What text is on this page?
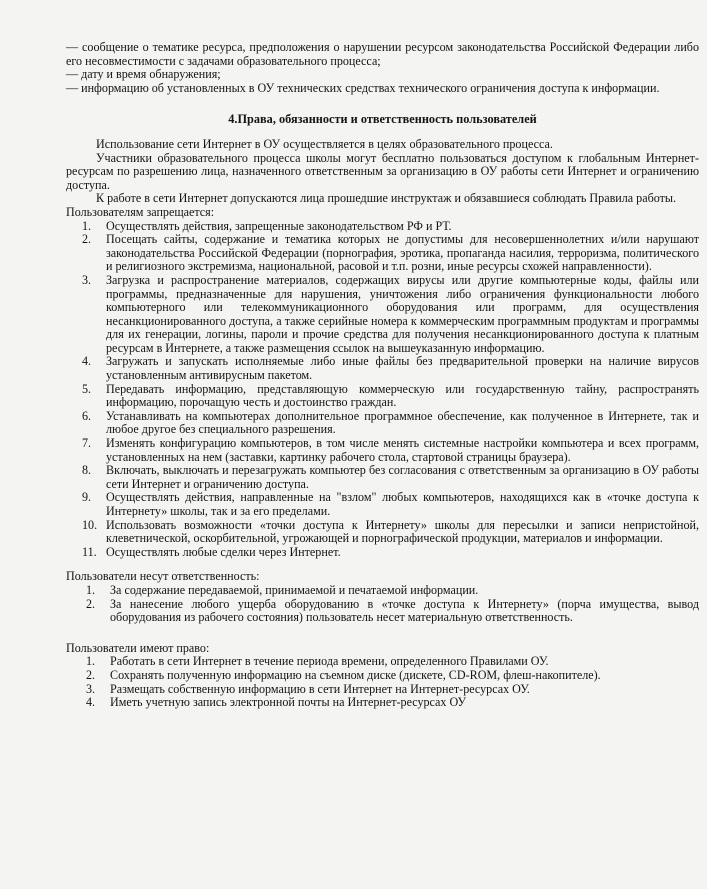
— сообщение о тематике ресурса, предположения о нарушении ресурсом законодательства Российской Федерации либо его несовместимости с задачами образовательного процесса;

— дату и время обнаружения;

— информацию об установленных в ОУ технических средствах технического ограничения доступа к информации.

4.Права, обязанности и ответственность пользователей

Использование сети Интернет в ОУ осуществляется в целях образовательного процесса.

Участники образовательного процесса школы могут бесплатно пользоваться доступом к глобальным Интернет-ресурсам по разрешению лица, назначенного ответственным за организацию в ОУ работы сети Интернет и ограничению доступа.

К работе в сети Интернет допускаются лица прошедшие инструктаж и обязавшиеся соблюдать Правила работы.

Пользователям запрещается:

1.	Осуществлять действия, запрещенные законодательством РФ и РТ.
2.	Посещать сайты, содержание и тематика которых не допустимы для несовершеннолетних и/или нарушают законодательства Российской Федерации (порнография, эротика, пропаганда насилия, терроризма, политического и религиозного экстремизма, национальной, расовой и т.п. розни, иные ресурсы схожей направленности).
3.	Загрузка и распространение материалов, содержащих вирусы или другие компьютерные коды, файлы или программы, предназначенные для нарушения, уничтожения либо ограничения функциональности любого компьютерного или телекоммуникационного оборудования или программ, для осуществления несанкционированного доступа, а также серийные номера к коммерческим программным продуктам и программы для их генерации, логины, пароли и прочие средства для получения несанкционированного доступа к платным ресурсам в Интернете, а также размещения ссылок на вышеуказанную информацию.
4.	Загружать и запускать исполняемые либо иные файлы без предварительной проверки на наличие вирусов установленным антивирусным пакетом.
5.	Передавать информацию, представляющую коммерческую или государственную тайну, распространять информацию, порочащую честь и достоинство граждан.
6.	Устанавливать на компьютерах дополнительное программное обеспечение, как полученное в Интернете, так и любое другое без специального разрешения.
7.	Изменять конфигурацию компьютеров, в том числе менять системные настройки компьютера и всех программ, установленных на нем (заставки, картинку рабочего стола, стартовой страницы браузера).
8.	Включать, выключать и перезагружать компьютер без согласования с ответственным за организацию в ОУ работы сети Интернет и ограничению доступа.
9.	Осуществлять действия, направленные на "взлом" любых компьютеров, находящихся как в «точке доступа к Интернету» школы, так и за его пределами.
10. Использовать возможности «точки доступа к Интернету» школы для пересылки и записи непристойной, клеветнической, оскорбительной, угрожающей и порнографической продукции, материалов и информации.
11. Осуществлять любые сделки через Интернет.

Пользователи несут ответственность:

1.	За содержание передаваемой, принимаемой и печатаемой информации.
2.	За нанесение любого ущерба оборудованию в «точке доступа к Интернету» (порча имущества, вывод оборудования из рабочего состояния) пользователь несет материальную ответственность.

Пользователи имеют право:

1.	Работать в сети Интернет в течение периода времени, определенного Правилами ОУ.
2.	Сохранять полученную информацию на съемном диске (дискете, CD-ROM, флеш-накопителе).
3.	Размещать собственную информацию в сети Интернет на Интернет-ресурсах ОУ.
4.	Иметь учетную запись электронной почты на Интернет-ресурсах ОУ
